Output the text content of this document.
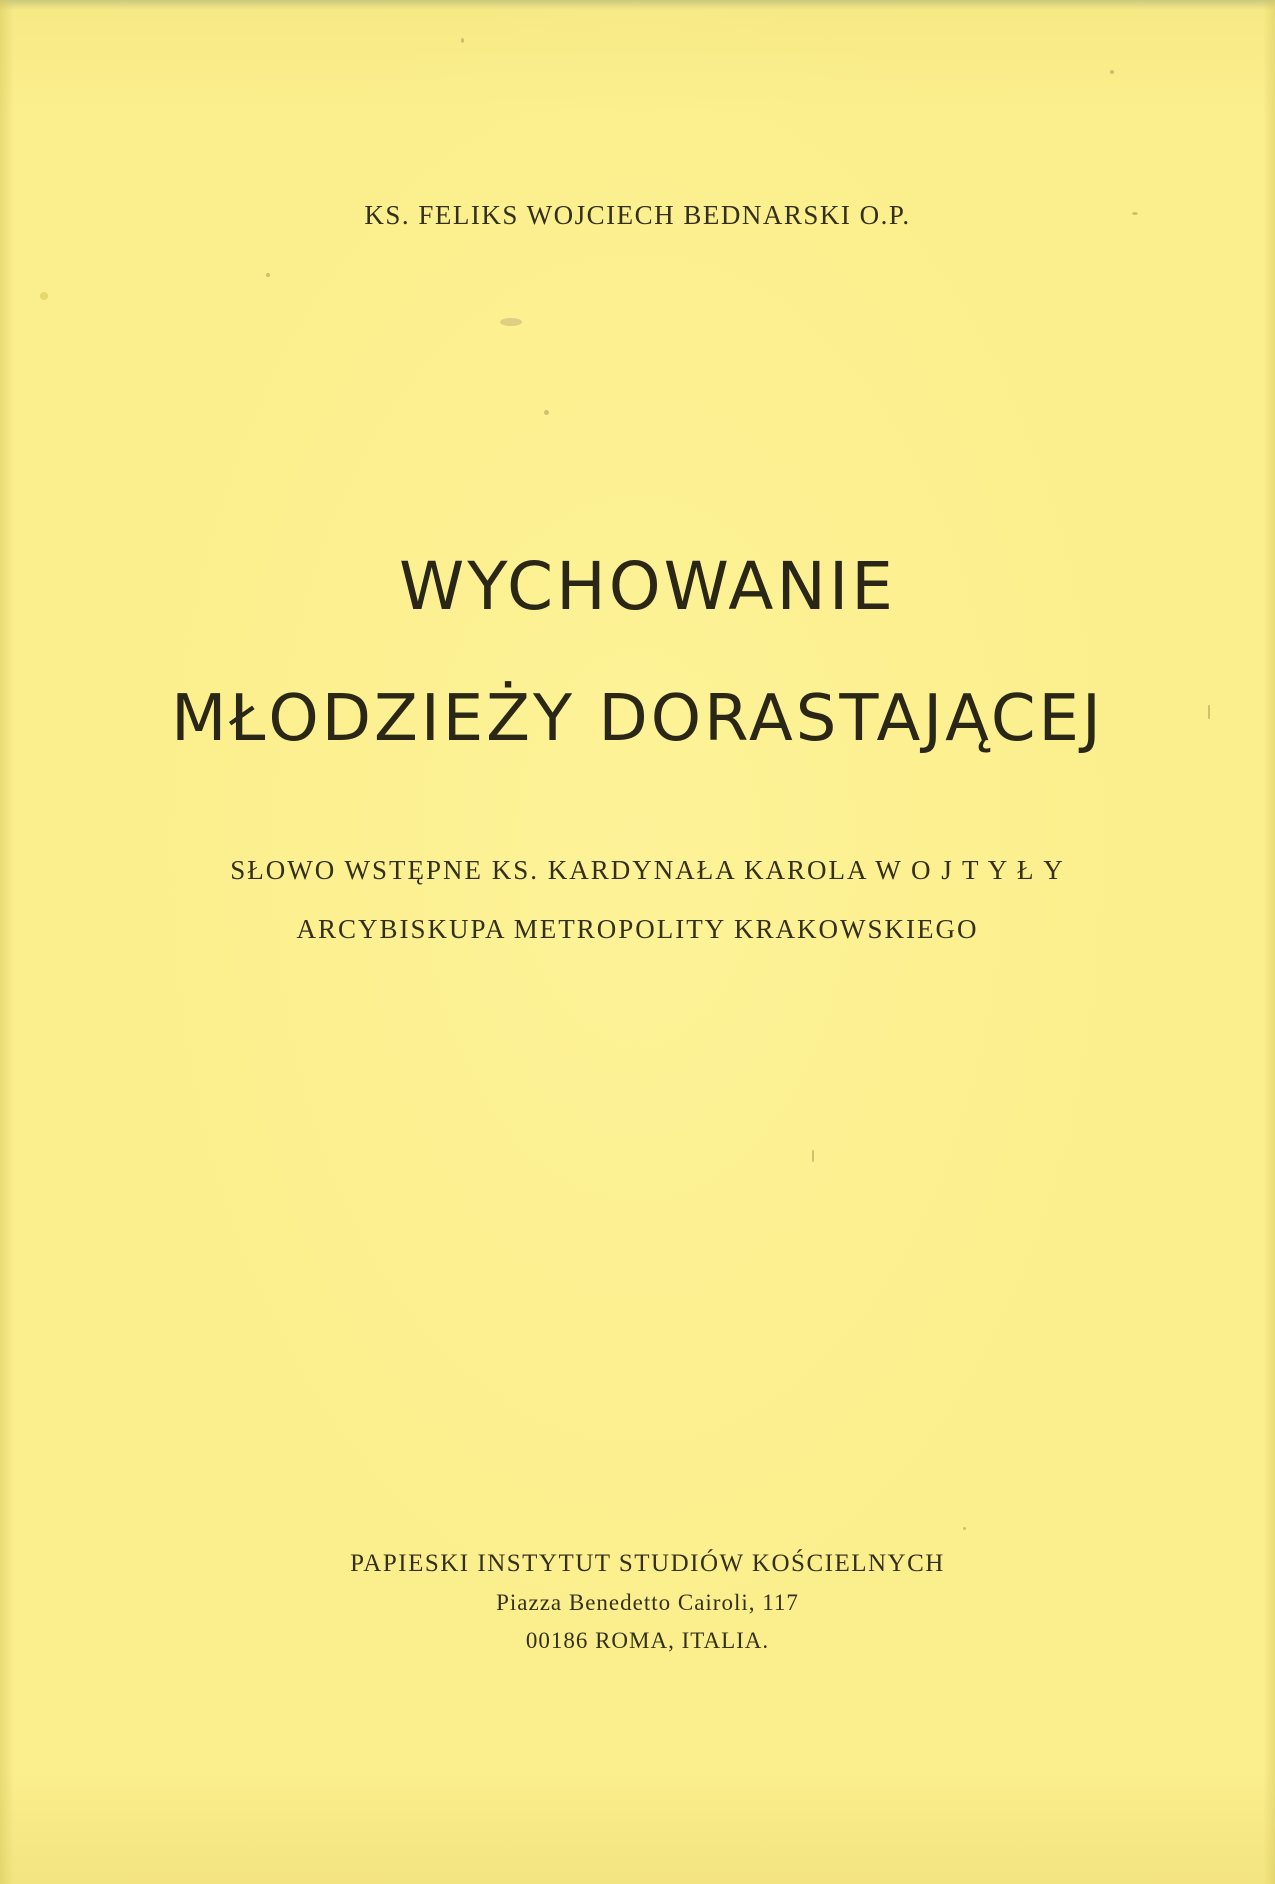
KS. FELIKS WOJCIECH BEDNARSKI O.P.

WYCHOWANIE
MŁODZIEŻY DORASTAJĄCEJ

SŁOWO WSTĘPNE KS. KARDYNAŁA KAROLA W O J T Y Ł Y

ARCYBISKUPA METROPOLITY KRAKOWSKIEGO

PAPIESKI INSTYTUT STUDIÓW KOŚCIELNYCH

Piazza Benedetto Cairoli, 117

00186 ROMA, ITALIA.
